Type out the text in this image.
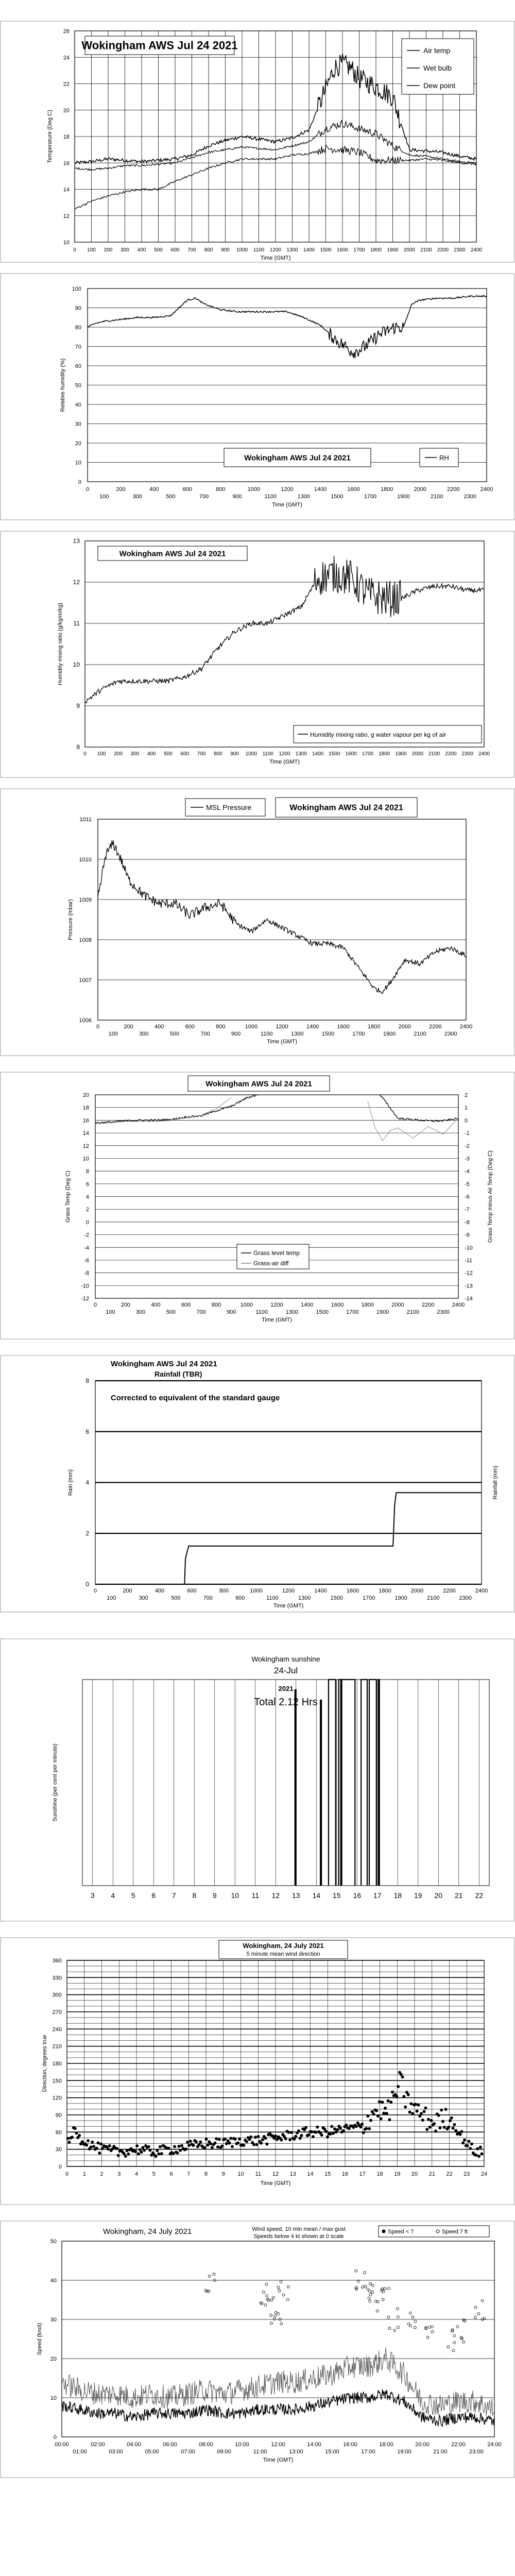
10
12
14
16
18
20
22
24
26
0 100 200 300 400 500 600 700 800 900 1000 1100 1200 1300 1400 1500 1600 1700 1800 1900 2000 2100 2200 2300 2400
Time (GMT)
Temperature (Deg C)
Wokingham AWS Jul 24 2021	Air temp
Wet bulb
Dew point
0
10
20
30
40
50
60
70
80
90
100
0	200	400	600	800	1000	1200	1400	1600	1800	2000	2200	2400
100	300	500	700	900	1100	1300	1500	1700	1900	2100	2300
Time (GMT)
Relative humidity (%)
Wokingham AWS Jul 24 2021	RH
8
9
10
11
12
13
0 100 200 300 400 500 600 700 800 900 1000 1100 1200 1300 1400 1500 1600 1700 1800 1900 2000 2100 2200 2300 2400
Time (GMT)
Humidity mixing ratio (g/kg/m/kg)
Wokingham AWS Jul 24 2021
Humidity mixing ratio, g water vapour per kg of air
1006
1007
1008
1009
1010
1011
0	200	400	600	800	1000	1200	1400	1600	1800	2000	2200	2400
100	300	500	700	900	1100	1300	1500	1700	1900	2100	2300
Time (GMT)
Pressure (mbar)
MSL Pressure	Wokingham AWS Jul 24 2021
20
18
16
14
12
10
8
6
4
2
0
-2
-4
-6
-8
-10
-12
2
1
0
-1
-2
-3
-4
-5
-6
-7
-8
-9
-10
-11
-12
-13
-14
0	200	400	600	800	1000	1200	1400	1600	1800	2000	2200	2400
100	300	500	700	900	1100	1300	1500	1700	1900	2100	2300
Time (GMT)
Grass Temp (Deg C)	Grass Temp minus Air Temp (Deg C)
Wokingham AWS Jul 24 2021
Grass level temp
Grass-air diff
0
2
4
6
8
0	200	400	600	800	1000	1200	1400	1600	1800	2000	2200	2400
100	300	500	700	900	1100	1300	1500	1700	1900	2100	2300
Time (GMT)
Rain (mm)	Rainfall (mm)
Wokingham AWS Jul 24 2021
Rainfall (TBR)
Corrected to equivalent of the standard gauge
3 4 5 6 7 8 9 10 11 12 13 14 15 16 17 18 19 20 21 22
Sunshine (per cent per minute)
Wokingham sunshine
24-Jul
2021
Total 2.12 Hrs
0
30
60
90
120
150
180
210
240
270
300
330
360
0	1	2	3	4	5	6	7	8	9 10 11 12 13 14 15 16 17 18 19 20 21 22 23 24
Time (GMT)
Direction, degrees true
Wokingham, 24 July 2021
5 minute mean wind direction
0
10
20
30
40
50
00:00	02:00	04:00	06:00	08:00	10:00	12:00	14:00	16:00	18:00	20:00	22:00	24:00
01:00	03:00	05:00	07:00	09:00	11:00	13:00	15:00	17:00	19:00	21:00	23:00
Time (GMT)
Speed (knot)
Wokingham, 24 July 2021	Wind speed, 10 min mean / max gust
Speeds below 4 kt shown at 0 scale
Speed < 7	Speed 7 ft
